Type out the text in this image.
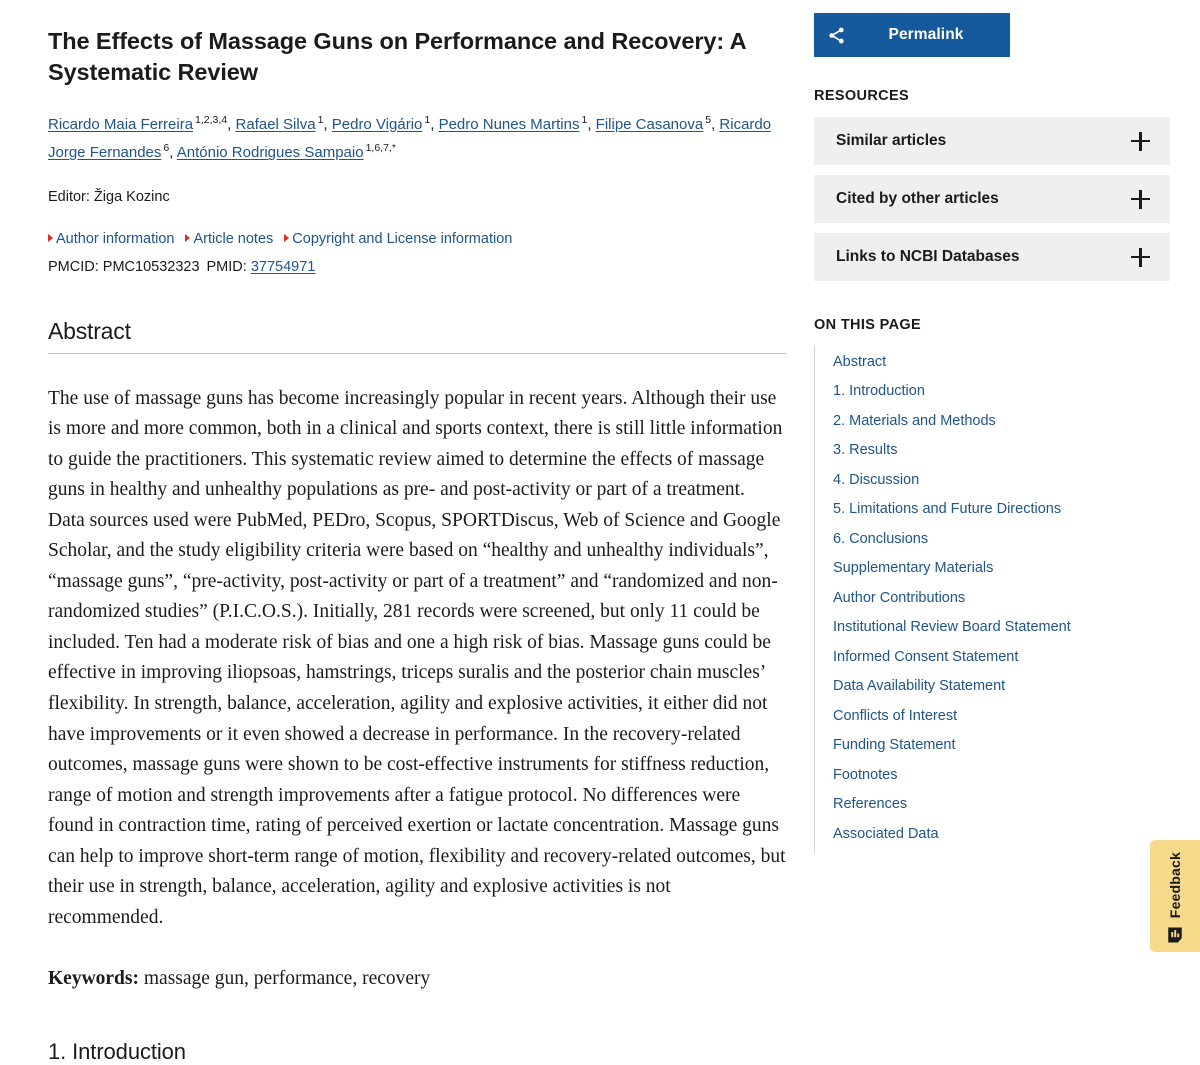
The Effects of Massage Guns on Performance and Recovery: A Systematic Review
Ricardo Maia Ferreira $^{1,2,3,4}$, Rafael Silva $^1$, Pedro Vigário $^1$, Pedro Nunes Martins $^1$, Filipe Casanova $^5$, Ricardo Jorge Fernandes $^6$, António Rodrigues Sampaio $^{1,6,7,*}$
Editor: Žiga Kozinc
Author information Article notes Copyright and License information
PMCID: PMC10532323 PMID: 37754971
Abstract
The use of massage guns has become increasingly popular in recent years. Although their use is more and more common, both in a clinical and sports context, there is still little information to guide the practitioners. This systematic review aimed to determine the effects of massage guns in healthy and unhealthy populations as pre- and post-activity or part of a treatment. Data sources used were PubMed, PEDro, Scopus, SPORTDiscus, Web of Science and Google Scholar, and the study eligibility criteria were based on “healthy and unhealthy individuals”, “massage guns”, “pre-activity, post-activity or part of a treatment” and “randomized and non-randomized studies” (P.I.C.O.S.). Initially, 281 records were screened, but only 11 could be included. Ten had a moderate risk of bias and one a high risk of bias. Massage guns could be effective in improving iliopsoas, hamstrings, triceps suralis and the posterior chain muscles’ flexibility. In strength, balance, acceleration, agility and explosive activities, it either did not have improvements or it even showed a decrease in performance. In the recovery-related outcomes, massage guns were shown to be cost-effective instruments for stiffness reduction, range of motion and strength improvements after a fatigue protocol. No differences were found in contraction time, rating of perceived exertion or lactate concentration. Massage guns can help to improve short-term range of motion, flexibility and recovery-related outcomes, but their use in strength, balance, acceleration, agility and explosive activities is not recommended.
Keywords: massage gun, performance, recovery
1. Introduction
Permalink
RESOURCES
Similar articles
Cited by other articles
Links to NCBI Databases
ON THIS PAGE
Abstract
1. Introduction
2. Materials and Methods
3. Results
4. Discussion
5. Limitations and Future Directions
6. Conclusions
Supplementary Materials
Author Contributions
Institutional Review Board Statement
Informed Consent Statement
Data Availability Statement
Conflicts of Interest
Funding Statement
Footnotes
References
Associated Data
Feedback
